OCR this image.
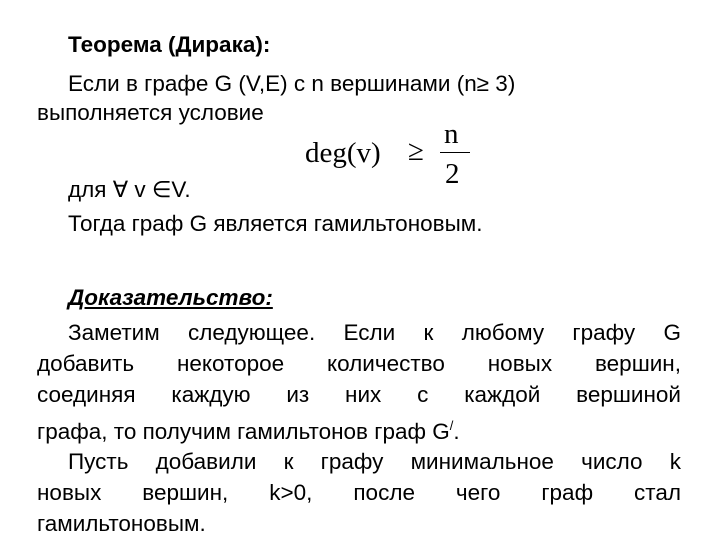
Теорема (Дирака):
Если в графе G (V,E) с n вершинами (n≥ 3)
выполняется условие
deg(v) ≥
n
2
для ∀ v ∈V.
Тогда граф G является гамильтоновым.
Доказательство:
Заметим следующее. Если к любому графу G
добавить некоторое количество новых вершин,
соединяя каждую из них с каждой вершиной
графа, то получим гамильтонов граф G/.
Пусть добавили к графу минимальное число k
новых вершин, k>0, после чего граф стал
гамильтоновым.
